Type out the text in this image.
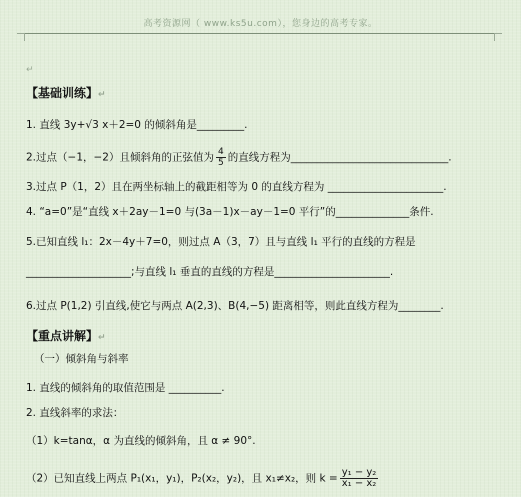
高考资源网（ www.ks5u.com），您身边的高考专家。
↵
【基础训练】↵
1. 直线 3y+√3 x＋2=0 的倾斜角是_________.
2.过点（−1，−2）且倾斜角的正弦值为 $\frac{4}{5}$ 的直线方程为______________________________.
3.过点 P（1，2）且在两坐标轴上的截距相等为 0 的直线方程为 ______________________.
4. “a=0”是“直线 x＋2ay－1=0 与(3a－1)x－ay－1=0 平行”的______________条件.
5.已知直线 l₁：2x－4y＋7=0，则过点 A（3，7）且与直线 l₁ 平行的直线的方程是
____________________;与直线 l₁ 垂直的直线的方程是______________________.
6.过点 P(1,2) 引直线,使它与两点 A(2,3)、B(4,−5) 距离相等，则此直线方程为________.
【重点讲解】↵
（一）倾斜角与斜率
1. 直线的倾斜角的取值范围是 __________.
2. 直线斜率的求法：
（1）k=tanα，α 为直线的倾斜角，且 α ≠ 90°.
（2）已知直线上两点 P₁(x₁，y₁)，P₂(x₂，y₂)，且 x₁≠x₂，则 $k = \frac{\text{y₁ − y₂}}{\text{x₁ − x₂}}$
